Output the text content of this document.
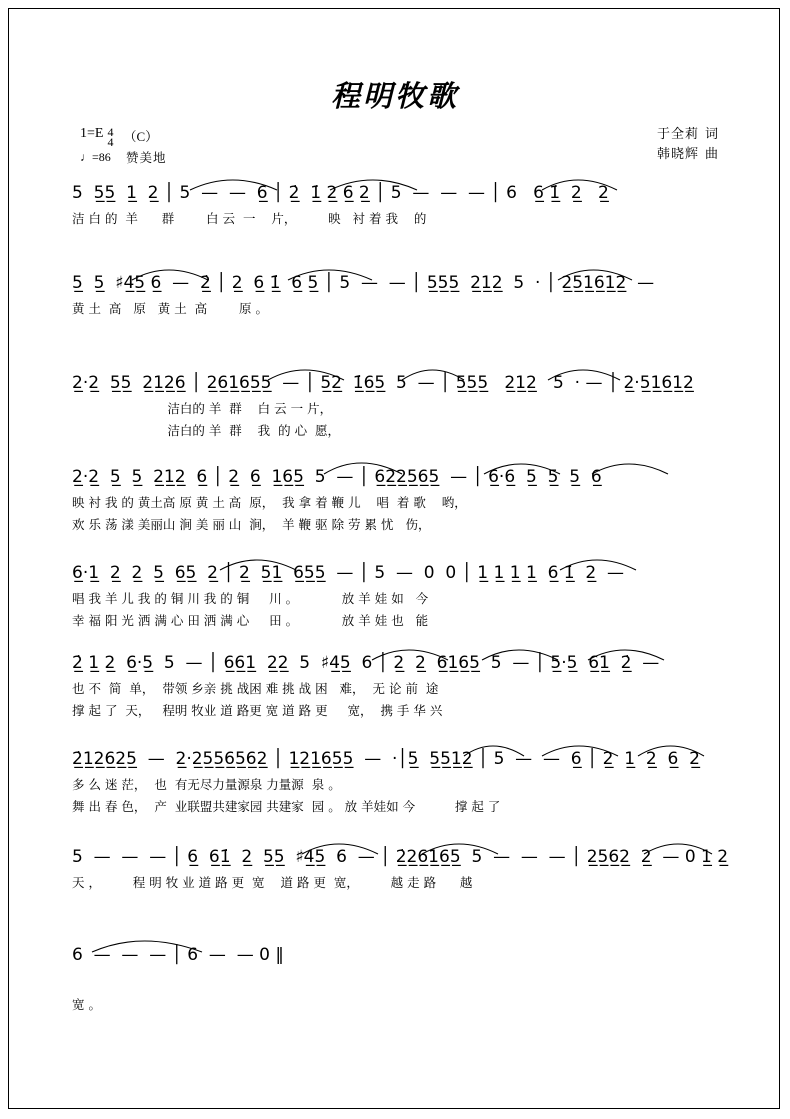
程明牧歌
于全莉 词
韩晓辉 曲
1=E 4
4 （C）
♩=86 赞美地
5  5̲5̲  1̲  2̲ │ 5  —  —  6̲ │ 2̲̇  1̲̇ 2̲ 6̲ 2̲ │ 5  —  —  — │ 6   6̲ 1̲̇  2̲   2̲
洁 白 的  羊      群        白 云  一    片，        映   衬 着 我    的
5̲  5̲  ♯4̲5̲ 6̲  —  2̲̇ │ 2̲  6̲ 1̲̇  6̲ 5̲ │ 5  —  — │ 5̲5̲5̲  2̲1̲2̲  5  · │ 2̲5̲1̲6̲1̲2̲  —
黄 土  高   原   黄 土  高        原 。
2̲·2̲  5̲5̲  2̲1̲2̲6̲ │ 2̲6̲1̲6̲5̲5̲  — │ 5̲2̲  1̲̇6̲5̲  5  — │ 5̲5̲5̲   2̲1̲2̲   5  · — │ 2̲·5̲1̲6̲1̲2̲
洁白的 羊  群    白 云 一 片，
洁白的 羊  群    我  的 心  愿，
2̲·2̲  5̲  5̲  2̲1̲2̲  6̲ │ 2̲  6̲  1̲6̲5̲  5  — │ 6̲2̲2̲5̲6̲5̲  — │ 6̲·6̲  5̲  5̲  5̲  6̲
映 衬 我 的 黄土高 原 黄 土 高  原，  我 拿 着 鞭 儿    唱  着 歌    哟，
欢 乐 荡 漾 美丽山 涧 美 丽 山  涧，  羊 鞭 驱 除 劳 累 忧   伤，
6̲·1̲  2̲  2̲  5̲  6̲5̲  2̲ │ 2̲  5̲1̲  6̲5̲5̲  — │ 5  —  0  0 │ 1̲ 1̲ 1̲ 1̲  6̲ 1̲̇  2̲  —
唱 我 羊 儿 我 的 铜 川 我 的 铜     川 。           放 羊 娃 如   今
幸 福 阳 光 洒 满 心 田 洒 满 心     田 。           放 羊 娃 也   能
2̲̇ 1̲ 2̲  6̲·5̲  5  — │ 6̲6̲1̲  2̲2̲  5  ♯4̲5̲  6 │ 2̲  2̲  6̲1̲6̲5̲  5  — │ 5̲·5̲  6̲1̲  2̲̇  —
也 不  简  单，  带领 乡亲 挑 战困 难 挑 战 困   难，  无 论 前  途
撑 起 了  天，   程明 牧业 道 路更 宽 道 路 更     宽，  携 手 华 兴
2̲̇1̲2̲6̲2̲5̲  —  2̲·2̲5̲5̲6̲5̲6̲2̲ │ 1̲2̲1̲6̲5̲5̲  —  ·│5̲  5̲5̲1̲2̲ │ 5  —  —  6̲ │ 2̲  1̲  2̲  6̲  2̲
多 么 迷 茫，  也  有无尽力量源泉 力量源  泉 。
舞 出 春 色，  产  业联盟共建家园 共建家  园 。 放 羊娃如 今          撑 起 了
5  —  —  — │ 6̲  6̲1̲̇  2̲  5̲5̲  ♯4̲5̲  6  — │ 2̲̇2̲6̲1̲6̲5̲  5  —  —  — │ 2̲5̲6̲2̲  2̲  — 0 1̲ 2̲
天 ，        程 明 牧 业 道 路 更  宽    道 路 更  宽，        越 走 路      越
6  —  —  — │ 6  —  — 0 ‖
宽 。
